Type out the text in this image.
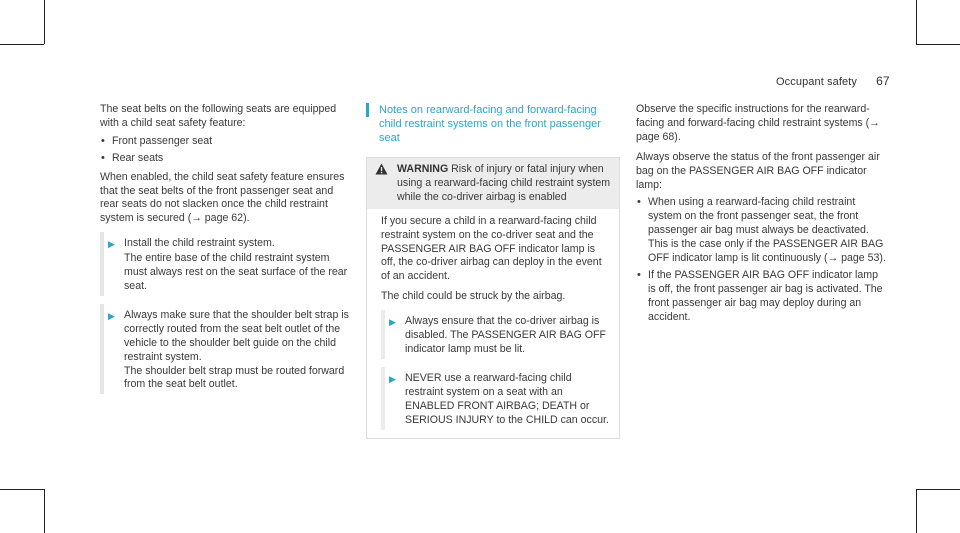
Occupant safety 67

The seat belts on the following seats are equipped with a child seat safety feature:

• Front passenger seat
• Rear seats

When enabled, the child seat safety feature ensures that the seat belts of the front passenger seat and rear seats do not slacken once the child restraint system is secured (→ page 62).

▶ Install the child restraint system.
The entire base of the child restraint system must always rest on the seat surface of the rear seat.
▶ Always make sure that the shoulder belt strap is correctly routed from the seat belt outlet of the vehicle to the shoulder belt guide on the child restraint system.
The shoulder belt strap must be routed forward from the seat belt outlet.
Notes on rearward-facing and forward-facing child restraint systems on the front passenger seat
WARNING Risk of injury or fatal injury when using a rearward-facing child restraint system while the co-driver airbag is enabled

If you secure a child in a rearward-facing child restraint system on the co-driver seat and the PASSENGER AIR BAG OFF indicator lamp is off, the co-driver airbag can deploy in the event of an accident.

The child could be struck by the airbag.

▶ Always ensure that the co-driver airbag is disabled. The PASSENGER AIR BAG OFF indicator lamp must be lit.
▶ NEVER use a rearward-facing child restraint system on a seat with an ENABLED FRONT AIRBAG; DEATH or SERIOUS INJURY to the CHILD can occur.

Observe the specific instructions for the rearward-facing and forward-facing child restraint systems (→ page 68).

Always observe the status of the front passenger air bag on the PASSENGER AIR BAG OFF indicator lamp:

• When using a rearward-facing child restraint system on the front passenger seat, the front passenger air bag must always be deactivated. This is the case only if the PASSENGER AIR BAG OFF indicator lamp is lit continuously (→ page 53).
• If the PASSENGER AIR BAG OFF indicator lamp is off, the front passenger air bag is activated. The front passenger air bag may deploy during an accident.
